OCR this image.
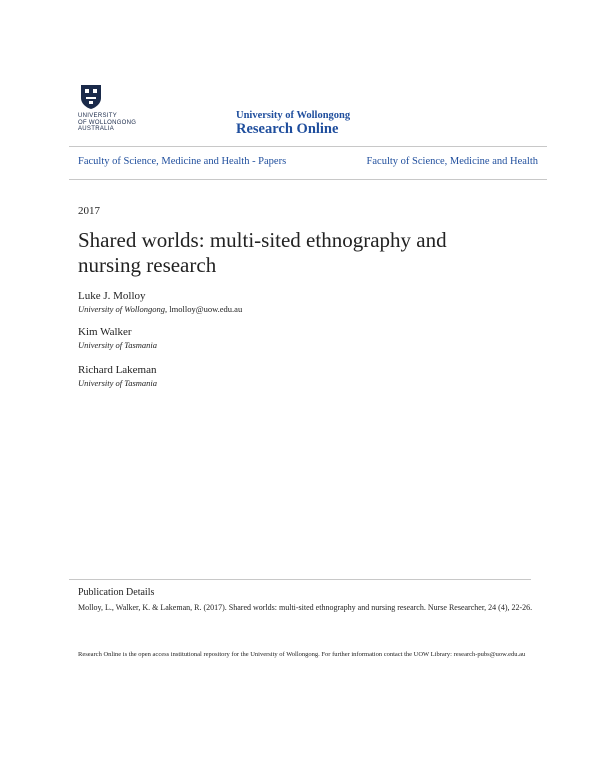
UNIVERSITY
OF WOLLONGONG
AUSTRALIA
University of Wollongong
Research Online
Faculty of Science, Medicine and Health - Papers	Faculty of Science, Medicine and Health
2017
Shared worlds: multi-sited ethnography and nursing research
Luke J. Molloy
University of Wollongong, lmolloy@uow.edu.au
Kim Walker
University of Tasmania
Richard Lakeman
University of Tasmania
Publication Details
Molloy, L., Walker, K. & Lakeman, R. (2017). Shared worlds: multi-sited ethnography and nursing research. Nurse Researcher, 24 (4), 22-26.
Research Online is the open access institutional repository for the University of Wollongong. For further information contact the UOW Library: research-pubs@uow.edu.au
